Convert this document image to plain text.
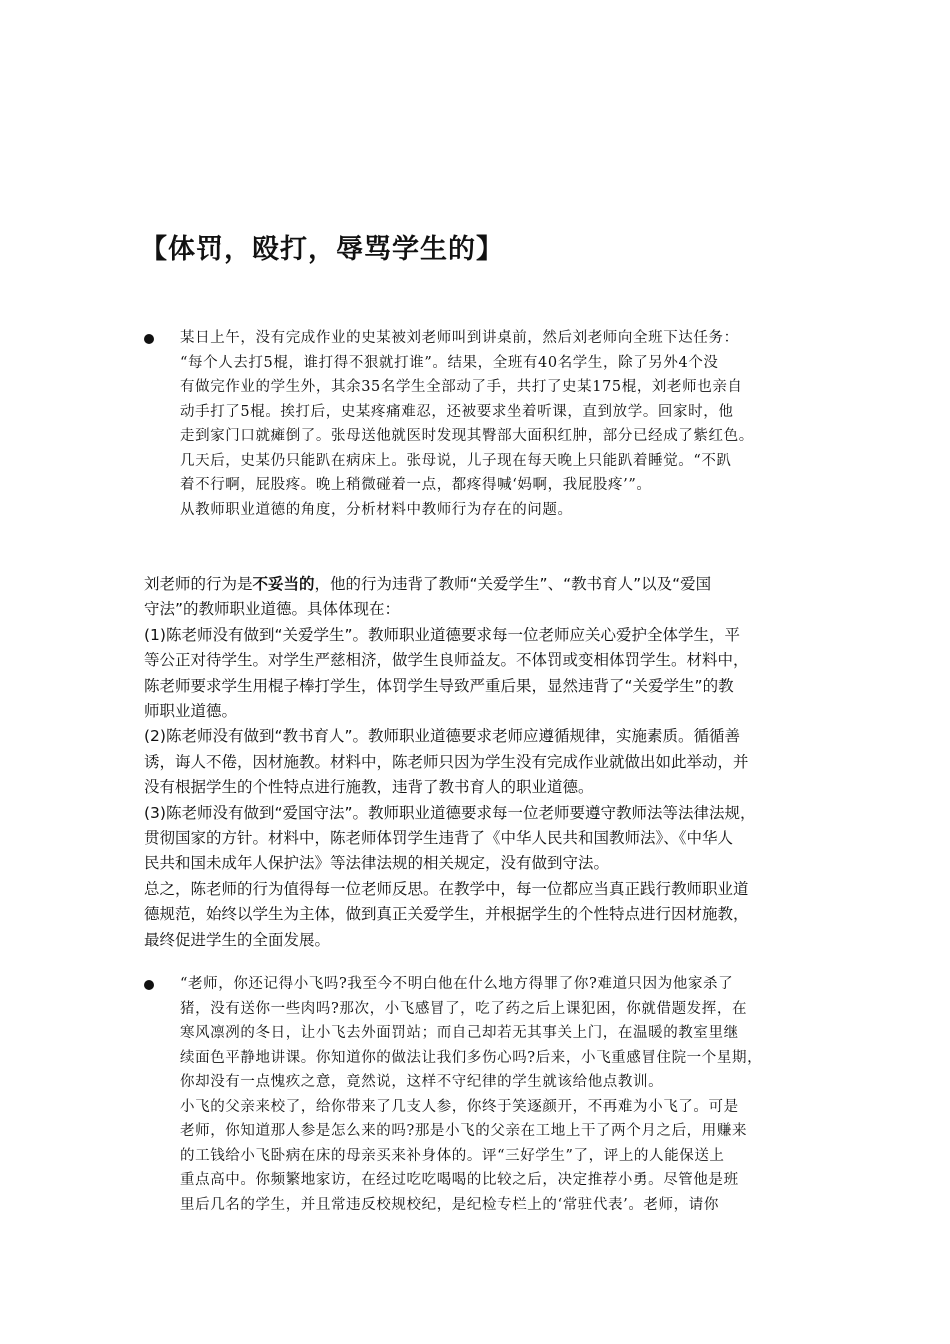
【体罚，殴打，辱骂学生的】
某日上午，没有完成作业的史某被刘老师叫到讲桌前，然后刘老师向全班下达任务：
“每个人去打5棍，谁打得不狠就打谁”。结果，全班有40名学生，除了另外4个没
有做完作业的学生外，其余35名学生全部动了手，共打了史某175棍，刘老师也亲自
动手打了5棍。挨打后，史某疼痛难忍，还被要求坐着听课，直到放学。回家时，他
走到家门口就瘫倒了。张母送他就医时发现其臀部大面积红肿，部分已经成了紫红色。
几天后，史某仍只能趴在病床上。张母说，儿子现在每天晚上只能趴着睡觉。“不趴
着不行啊，屁股疼。晚上稍微碰着一点，都疼得喊‘妈啊，我屁股疼’”。
从教师职业道德的角度，分析材料中教师行为存在的问题。
刘老师的行为是不妥当的，他的行为违背了教师“关爱学生”、“教书育人”以及“爱国
守法”的教师职业道德。具体体现在：
(1)陈老师没有做到“关爱学生”。教师职业道德要求每一位老师应关心爱护全体学生，平
等公正对待学生。对学生严慈相济，做学生良师益友。不体罚或变相体罚学生。材料中，
陈老师要求学生用棍子棒打学生，体罚学生导致严重后果，显然违背了“关爱学生”的教
师职业道德。
(2)陈老师没有做到“教书育人”。教师职业道德要求老师应遵循规律，实施素质。循循善
诱，诲人不倦，因材施教。材料中，陈老师只因为学生没有完成作业就做出如此举动，并
没有根据学生的个性特点进行施教，违背了教书育人的职业道德。
(3)陈老师没有做到“爱国守法”。教师职业道德要求每一位老师要遵守教师法等法律法规，
贯彻国家的方针。材料中，陈老师体罚学生违背了《中华人民共和国教师法》、《中华人
民共和国未成年人保护法》等法律法规的相关规定，没有做到守法。
总之，陈老师的行为值得每一位老师反思。在教学中，每一位都应当真正践行教师职业道
德规范，始终以学生为主体，做到真正关爱学生，并根据学生的个性特点进行因材施教，
最终促进学生的全面发展。
“老师，你还记得小飞吗?我至今不明白他在什么地方得罪了你?难道只因为他家杀了
猪，没有送你一些肉吗?那次，小飞感冒了，吃了药之后上课犯困，你就借题发挥，在
寒风凛冽的冬日，让小飞去外面罚站；而自己却若无其事关上门，在温暖的教室里继
续面色平静地讲课。你知道你的做法让我们多伤心吗?后来，小飞重感冒住院一个星期，
你却没有一点愧疚之意，竟然说，这样不守纪律的学生就该给他点教训。
小飞的父亲来校了，给你带来了几支人参，你终于笑逐颜开，不再难为小飞了。可是
老师，你知道那人参是怎么来的吗?那是小飞的父亲在工地上干了两个月之后，用赚来
的工钱给小飞卧病在床的母亲买来补身体的。评“三好学生”了，评上的人能保送上
重点高中。你频繁地家访，在经过吃吃喝喝的比较之后，决定推荐小勇。尽管他是班
里后几名的学生，并且常违反校规校纪，是纪检专栏上的‘常驻代表’。老师，请你
